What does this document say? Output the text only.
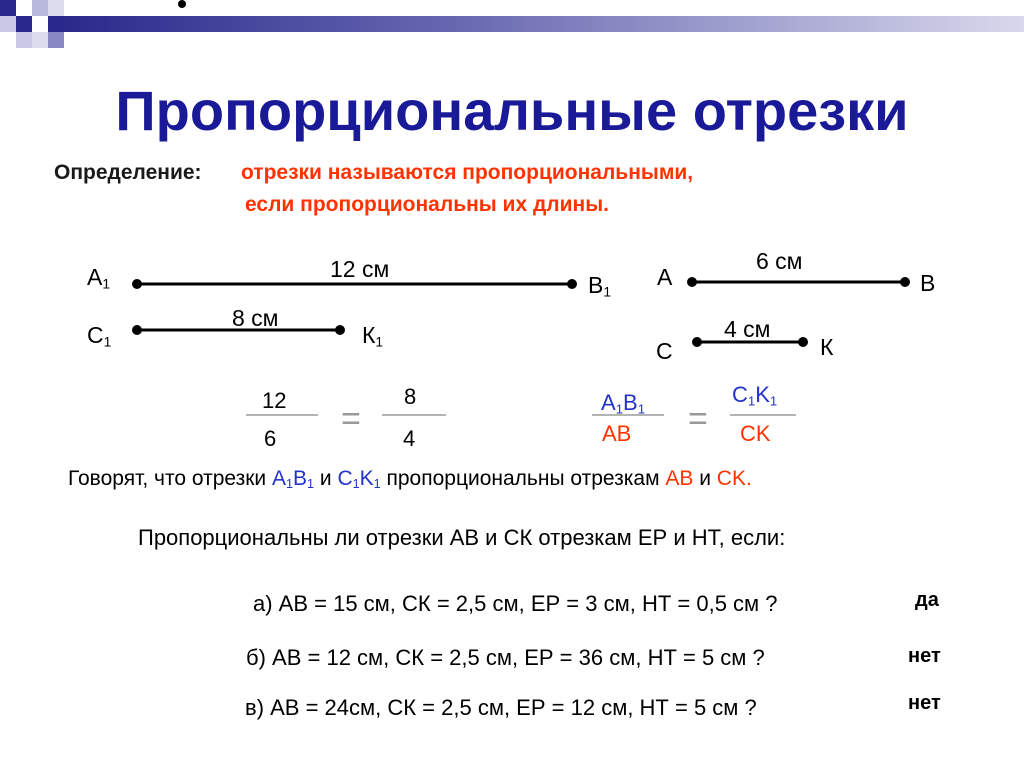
Пропорциональные отрезки
Определение: отрезки называются пропорциональными,
если пропорциональны их длины.
$A_1$	$B_1$
12 см
$C_1$	$К_1$
8 см
А	В
6 см
С	К
4 см
12
6
=
8
4
$A_1B_1$
AB =
$C_1K_1$
CK
Говорят, что отрезки $A_1B_1$ и $C_1K_1$ пропорциональны отрезкам AB и CK.
Пропорциональны ли отрезки АВ и СК отрезкам ЕР и НТ, если:
а) АВ = 15 см, СК = 2,5 см, ЕР = 3 см, НТ = 0,5 см ?	да
б) АВ = 12 см, СК = 2,5 см, ЕР = 36 см, НТ = 5 см ?	нет
в) АВ = 24см, СК = 2,5 см, ЕР = 12 см, НТ = 5 см ?	нет
